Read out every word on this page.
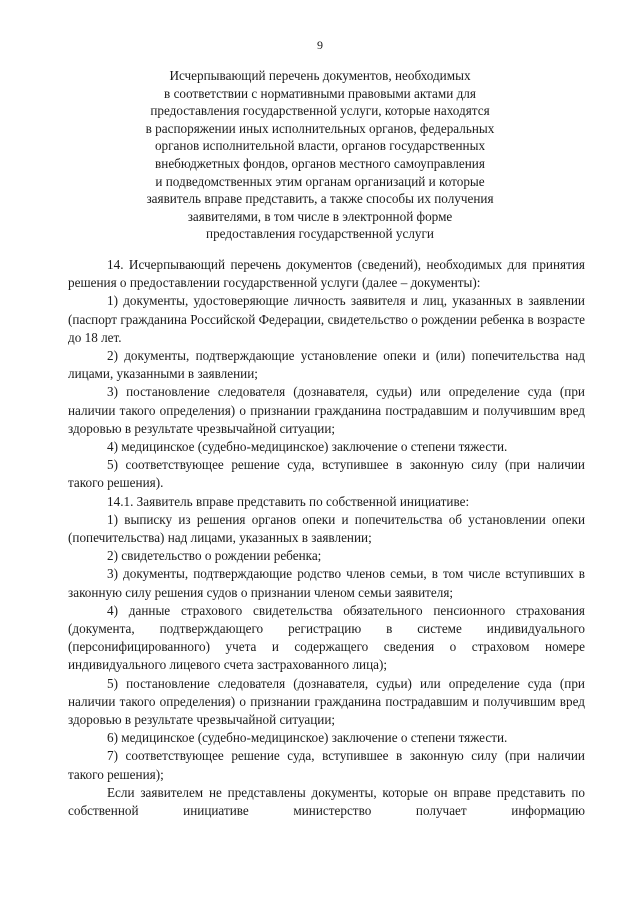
9
Исчерпывающий перечень документов, необходимых
в соответствии с нормативными правовыми актами для
предоставления государственной услуги, которые находятся
в распоряжении иных исполнительных органов, федеральных
органов исполнительной власти, органов государственных
внебюджетных фондов, органов местного самоуправления
и подведомственных этим органам организаций и которые
заявитель вправе представить, а также способы их получения
заявителями, в том числе в электронной форме
предоставления государственной услуги

14. Исчерпывающий перечень документов (сведений), необходимых для принятия решения о предоставлении государственной услуги (далее – документы):

1) документы, удостоверяющие личность заявителя и лиц, указанных в заявлении (паспорт гражданина Российской Федерации, свидетельство о рождении ребенка в возрасте до 18 лет.

2) документы, подтверждающие установление опеки и (или) попечительства над лицами, указанными в заявлении;

3) постановление следователя (дознавателя, судьи) или определение суда (при наличии такого определения) о признании гражданина пострадавшим и получившим вред здоровью в результате чрезвычайной ситуации;

4) медицинское (судебно-медицинское) заключение о степени тяжести.

5) соответствующее решение суда, вступившее в законную силу (при наличии такого решения).

14.1. Заявитель вправе представить по собственной инициативе:

1) выписку из решения органов опеки и попечительства об установлении опеки (попечительства) над лицами, указанных в заявлении;

2) свидетельство о рождении ребенка;

3) документы, подтверждающие родство членов семьи, в том числе вступивших в законную силу решения судов о признании членом семьи заявителя;

4) данные страхового свидетельства обязательного пенсионного страхования (документа, подтверждающего регистрацию в системе индивидуального (персонифицированного) учета и содержащего сведения о страховом номере индивидуального лицевого счета застрахованного лица);

5) постановление следователя (дознавателя, судьи) или определение суда (при наличии такого определения) о признании гражданина пострадавшим и получившим вред здоровью в результате чрезвычайной ситуации;

6) медицинское (судебно-медицинское) заключение о степени тяжести.

7) соответствующее решение суда, вступившее в законную силу (при наличии такого решения);

Если заявителем не представлены документы, которые он вправе представить по собственной инициативе министерство получает информацию
